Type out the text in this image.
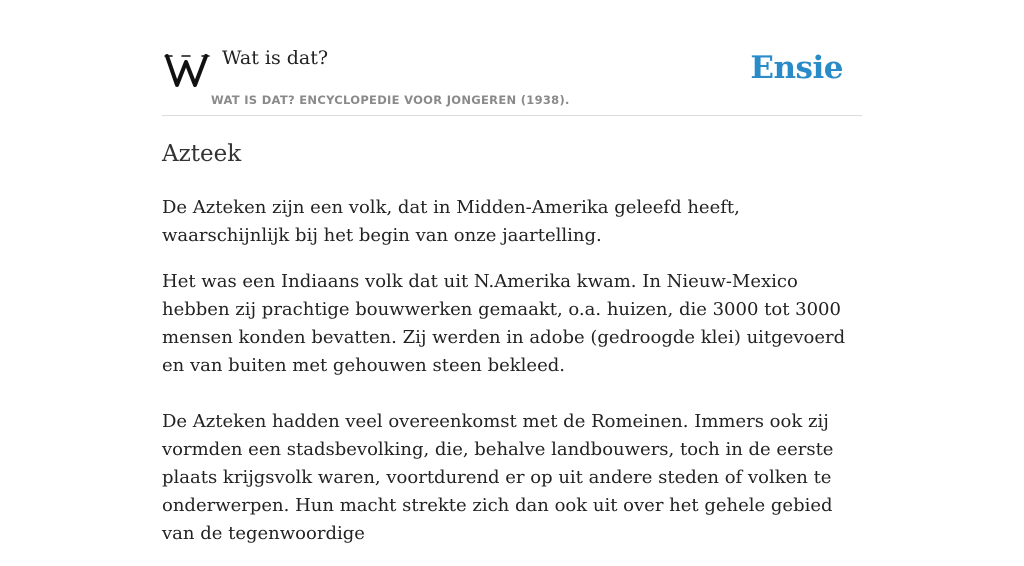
Wat is dat?
WAT IS DAT? ENCYCLOPEDIE VOOR JONGEREN (1938).
Ensie
Azteek

De Azteken zijn een volk, dat in Midden-Amerika geleefd heeft, waarschijnlijk bij het begin van onze jaartelling.

Het was een Indiaans volk dat uit N.Amerika kwam. In Nieuw-Mexico hebben zij prachtige bouwwerken gemaakt, o.a. huizen, die 3000 tot 3000 mensen konden bevatten. Zij werden in adobe (gedroogde klei) uitgevoerd en van buiten met gehouwen steen bekleed.

De Azteken hadden veel overeenkomst met de Romeinen. Immers ook zij vormden een stadsbevolking, die, behalve landbouwers, toch in de eerste plaats krijgsvolk waren, voortdurend er op uit andere steden of volken te onderwerpen. Hun macht strekte zich dan ook uit over het gehele gebied van de tegenwoordige
